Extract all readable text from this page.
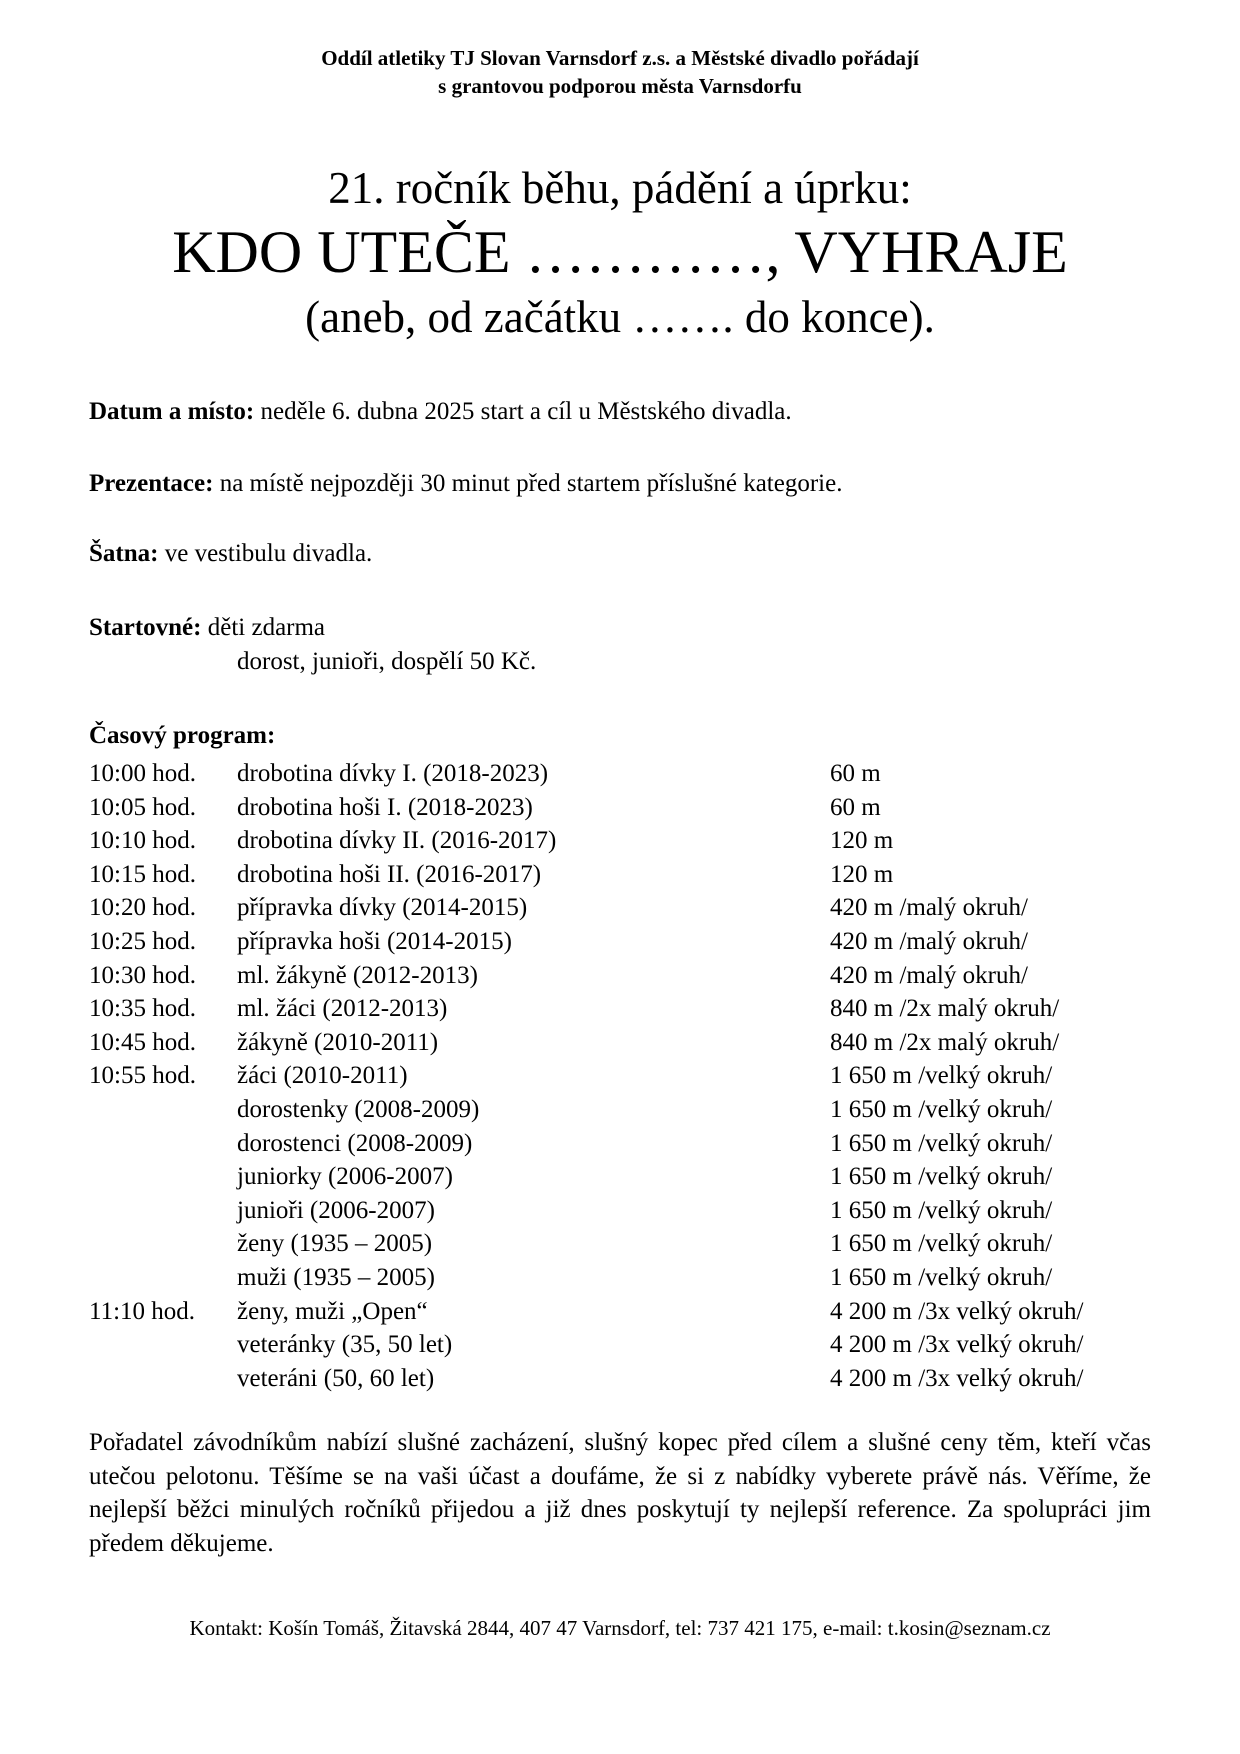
Oddíl atletiky TJ Slovan Varnsdorf z.s. a Městské divadlo pořádají
s grantovou podporou města Varnsdorfu
21. ročník běhu, pádění a úprku:
KDO UTEČE …………, VYHRAJE
(aneb, od začátku ……. do konce).
Datum a místo: neděle 6. dubna 2025 start a cíl u Městského divadla.
Prezentace: na místě nejpozději 30 minut před startem příslušné kategorie.
Šatna: ve vestibulu divadla.
Startovné: děti zdarma
dorost, junioři, dospělí 50 Kč.
Časový program:
10:00 hod. drobotina dívky I. (2018-2023)	60 m
10:05 hod. drobotina hoši I. (2018-2023)	60 m
10:10 hod. drobotina dívky II. (2016-2017)	120 m
10:15 hod. drobotina hoši II. (2016-2017)	120 m
10:20 hod. přípravka dívky (2014-2015)	420 m /malý okruh/
10:25 hod. přípravka hoši (2014-2015)	420 m /malý okruh/
10:30 hod. ml. žákyně (2012-2013)	420 m /malý okruh/
10:35 hod. ml. žáci (2012-2013)	840 m /2x malý okruh/
10:45 hod. žákyně (2010-2011)	840 m /2x malý okruh/
10:55 hod. žáci (2010-2011)	1 650 m /velký okruh/
dorostenky (2008-2009)	1 650 m /velký okruh/
dorostenci (2008-2009)	1 650 m /velký okruh/
juniorky (2006-2007)	1 650 m /velký okruh/
junioři (2006-2007)	1 650 m /velký okruh/
ženy (1935 – 2005)	1 650 m /velký okruh/
muži (1935 – 2005)	1 650 m /velký okruh/
11:10 hod. ženy, muži „Open“	4 200 m /3x velký okruh/
veteránky (35, 50 let)	4 200 m /3x velký okruh/
veteráni (50, 60 let)	4 200 m /3x velký okruh/
Pořadatel závodníkům nabízí slušné zacházení, slušný kopec před cílem a slušné ceny těm, kteří včas utečou pelotonu. Těšíme se na vaši účast a doufáme, že si z nabídky vyberete právě nás. Věříme, že nejlepší běžci minulých ročníků přijedou a již dnes poskytují ty nejlepší reference. Za spolupráci jim předem děkujeme.
Kontakt: Košín Tomáš, Žitavská 2844, 407 47 Varnsdorf, tel: 737 421 175, e-mail: t.kosin@seznam.cz
